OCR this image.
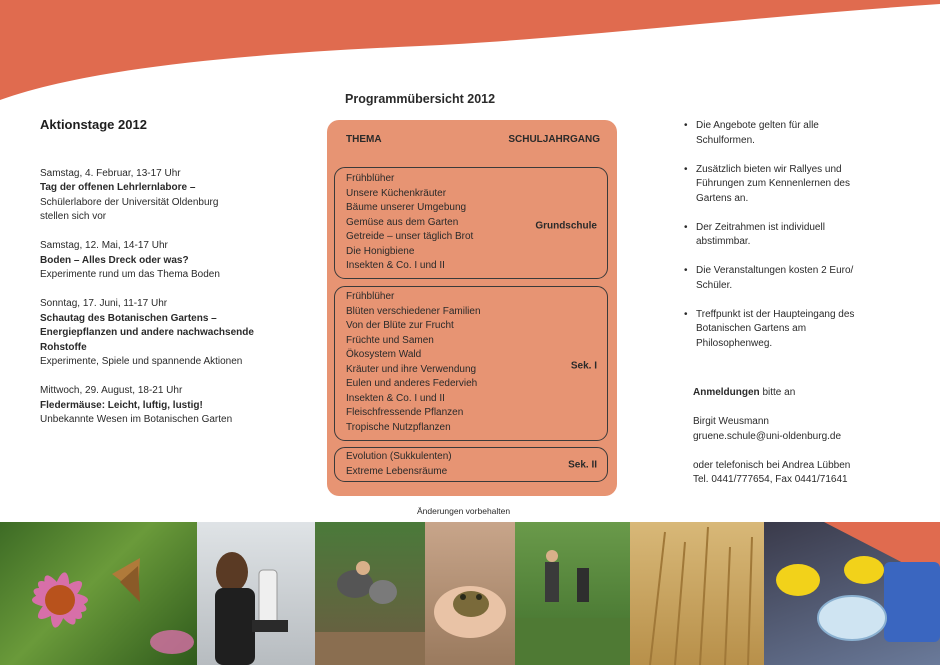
Aktionstage 2012
Samstag, 4. Februar, 13-17 Uhr
Tag der offenen Lehrlernlabore –
Schülerlabore der Universität Oldenburg stellen sich vor
Samstag, 12. Mai, 14-17 Uhr
Boden – Alles Dreck oder was?
Experimente rund um das Thema Boden
Sonntag, 17. Juni, 11-17 Uhr
Schautag des Botanischen Gartens – Energiepflanzen und andere nachwachsende Rohstoffe
Experimente, Spiele und spannende Aktionen
Mittwoch, 29. August, 18-21 Uhr
Fledermäuse: Leicht, luftig, lustig!
Unbekannte Wesen im Botanischen Garten
Programmübersicht 2012
THEMA	SCHULJAHRGANG
Frühblüher
Unsere Küchenkräuter
Bäume unserer Umgebung
Gemüse aus dem Garten
Getreide – unser täglich Brot
Die Honigbiene
Insekten & Co. I und II
Grundschule
Frühblüher
Blüten verschiedener Familien
Von der Blüte zur Frucht
Früchte und Samen
Ökosystem Wald
Kräuter und ihre Verwendung
Eulen und anderes Federvieh
Insekten & Co. I und II
Fleischfressende Pflanzen
Tropische Nutzpflanzen
Sek. I
Evolution (Sukkulenten)
Extreme Lebensräume
Sek. II
Änderungen vorbehalten
• Die Angebote gelten für alle Schulformen.
• Zusätzlich bieten wir Rallyes und Führungen zum Kennenlernen des Gartens an.
• Der Zeitrahmen ist individuell abstimmbar.
• Die Veranstaltungen kosten 2 Euro/ Schüler.
• Treffpunkt ist der Haupteingang des Botanischen Gartens am Philosophenweg.

Anmeldungen bitte an

Birgit Weusmann
gruene.schule@uni-oldenburg.de

oder telefonisch bei Andrea Lübben
Tel. 0441/777654, Fax 0441/71641
